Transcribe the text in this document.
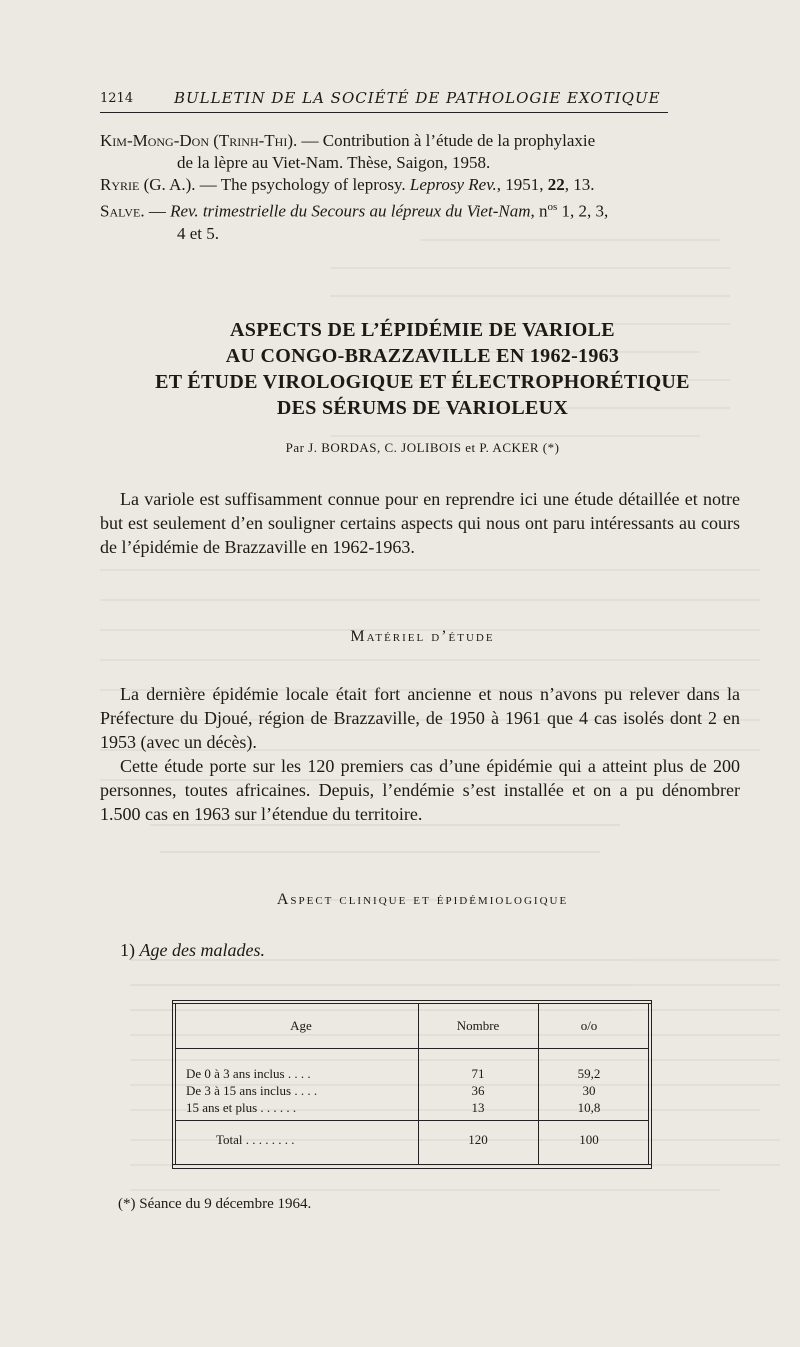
1214	BULLETIN DE LA SOCIÉTÉ DE PATHOLOGIE EXOTIQUE
Kim-Mong-Don (Trinh-Thi). — Contribution à l’étude de la prophylaxie
de la lèpre au Viet-Nam. Thèse, Saigon, 1958.
Ryrie (G. A.). — The psychology of leprosy. Leprosy Rev., 1951, 22, 13.
Salve. — Rev. trimestrielle du Secours au lépreux du Viet-Nam, $n^{os}$ 1, 2, 3,
4 et 5.
ASPECTS DE L’ÉPIDÉMIE DE VARIOLE
AU CONGO-BRAZZAVILLE EN 1962-1963
ET ÉTUDE VIROLOGIQUE ET ÉLECTROPHORÉTIQUE
DES SÉRUMS DE VARIOLEUX
Par J. BORDAS, C. JOLIBOIS et P. ACKER (*)
La variole est suffisamment connue pour en reprendre ici une étude détaillée et notre but est seulement d’en souligner certains aspects qui nous ont paru intéressants au cours de l’épidémie de Brazzaville en 1962-1963.
Matériel d’étude
La dernière épidémie locale était fort ancienne et nous n’avons pu relever dans la Préfecture du Djoué, région de Brazzaville, de 1950 à 1961 que 4 cas isolés dont 2 en 1953 (avec un décès).
Cette étude porte sur les 120 premiers cas d’une épidémie qui a atteint plus de 200 personnes, toutes africaines. Depuis, l’endémie s’est installée et on a pu dénombrer 1.500 cas en 1963 sur l’étendue du territoire.
Aspect clinique et épidémiologique
1) Age des malades.
Age	Nombre	o/o
De 0 à 3 ans inclus . . . .	71	59,2
De 3 à 15 ans inclus . . . .	36	30
15 ans et plus . . . . . .	13	10,8
Total . . . . . . . .	120	100
(*) Séance du 9 décembre 1964.
